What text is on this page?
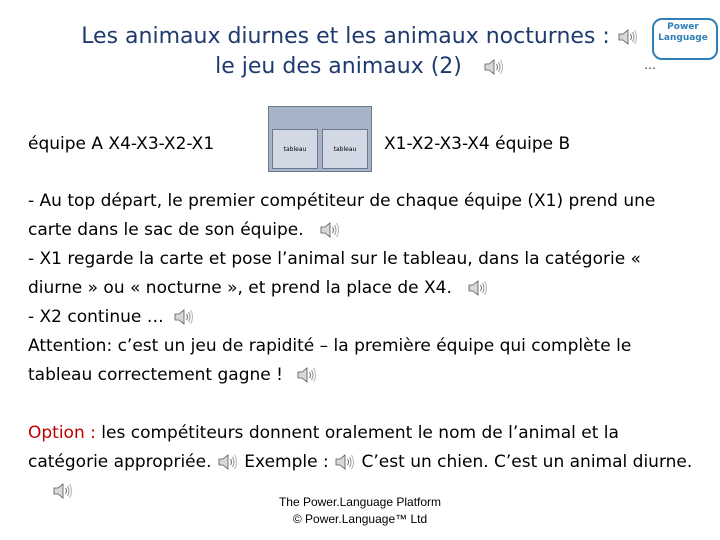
Les animaux diurnes et les animaux nocturnes :
le jeu des animaux (2)
Power
Language
…
équipe A X4-X3-X2-X1	tableau	tableau	X1-X2-X3-X4 équipe B

- Au top départ, le premier compétiteur de chaque équipe (X1) prend une carte dans le sac de son équipe.

- X1 regarde la carte et pose l’animal sur le tableau, dans la catégorie « diurne » ou « nocturne », et prend la place de X4.

- X2 continue …

Attention: c’est un jeu de rapidité – la première équipe qui complète le tableau correctement gagne !

Option : les compétiteurs donnent oralement le nom de l’animal et la catégorie appropriée.  Exemple :  C’est un chien. C’est un animal diurne.

The Power.Language Platform
© Power.Language™ Ltd
